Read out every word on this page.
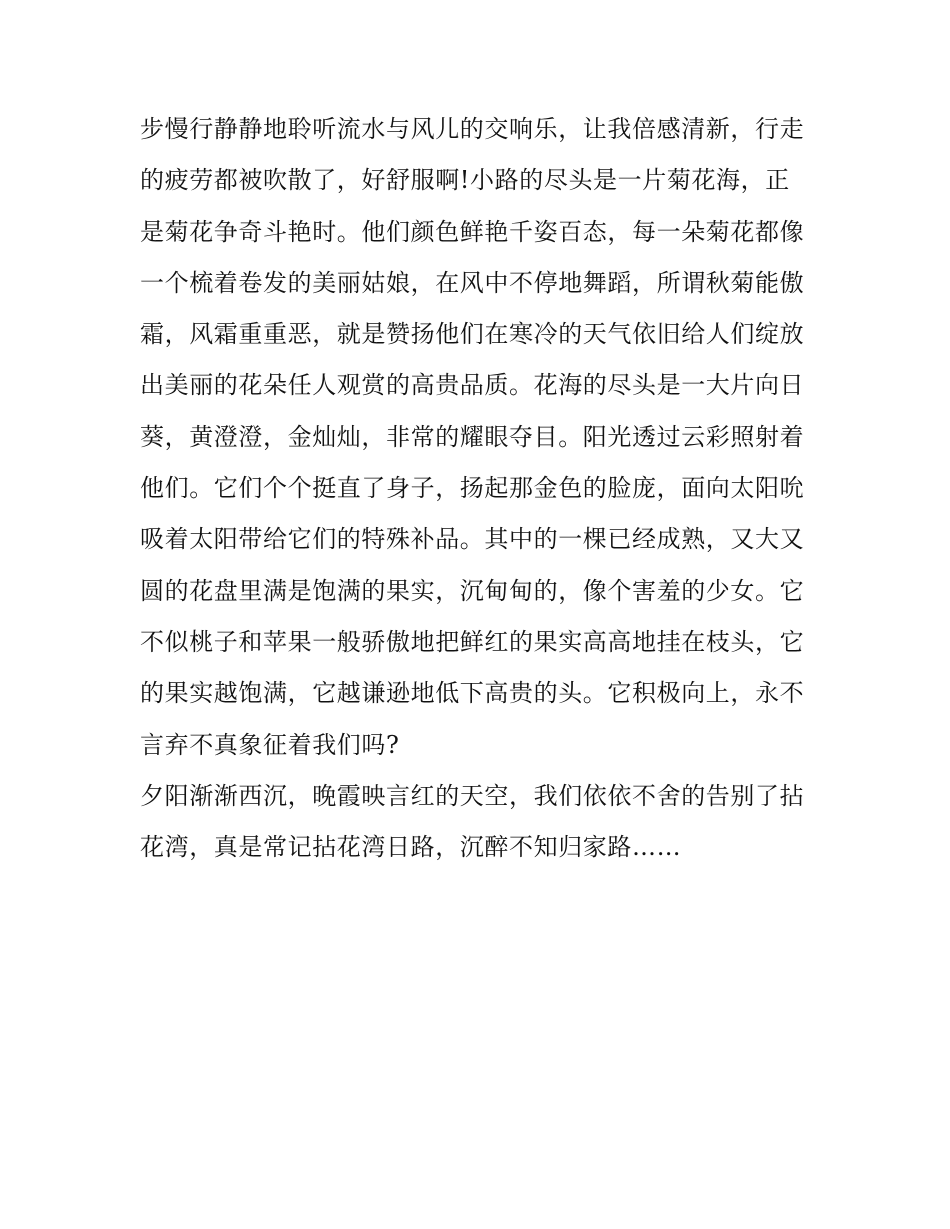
步慢行静静地聆听流水与风儿的交响乐，让我倍感清新，行走
的疲劳都被吹散了，好舒服啊!小路的尽头是一片菊花海，正
是菊花争奇斗艳时。他们颜色鲜艳千姿百态，每一朵菊花都像
一个梳着卷发的美丽姑娘，在风中不停地舞蹈，所谓秋菊能傲
霜，风霜重重恶，就是赞扬他们在寒冷的天气依旧给人们绽放
出美丽的花朵任人观赏的高贵品质。花海的尽头是一大片向日
葵，黄澄澄，金灿灿，非常的耀眼夺目。阳光透过云彩照射着
他们。它们个个挺直了身子，扬起那金色的脸庞，面向太阳吮
吸着太阳带给它们的特殊补品。其中的一棵已经成熟，又大又
圆的花盘里满是饱满的果实，沉甸甸的，像个害羞的少女。它
不似桃子和苹果一般骄傲地把鲜红的果实高高地挂在枝头，它
的果实越饱满，它越谦逊地低下高贵的头。它积极向上，永不
言弃不真象征着我们吗?
夕阳渐渐西沉，晚霞映言红的天空，我们依依不舍的告别了拈
花湾，真是常记拈花湾日路，沉醉不知归家路……
